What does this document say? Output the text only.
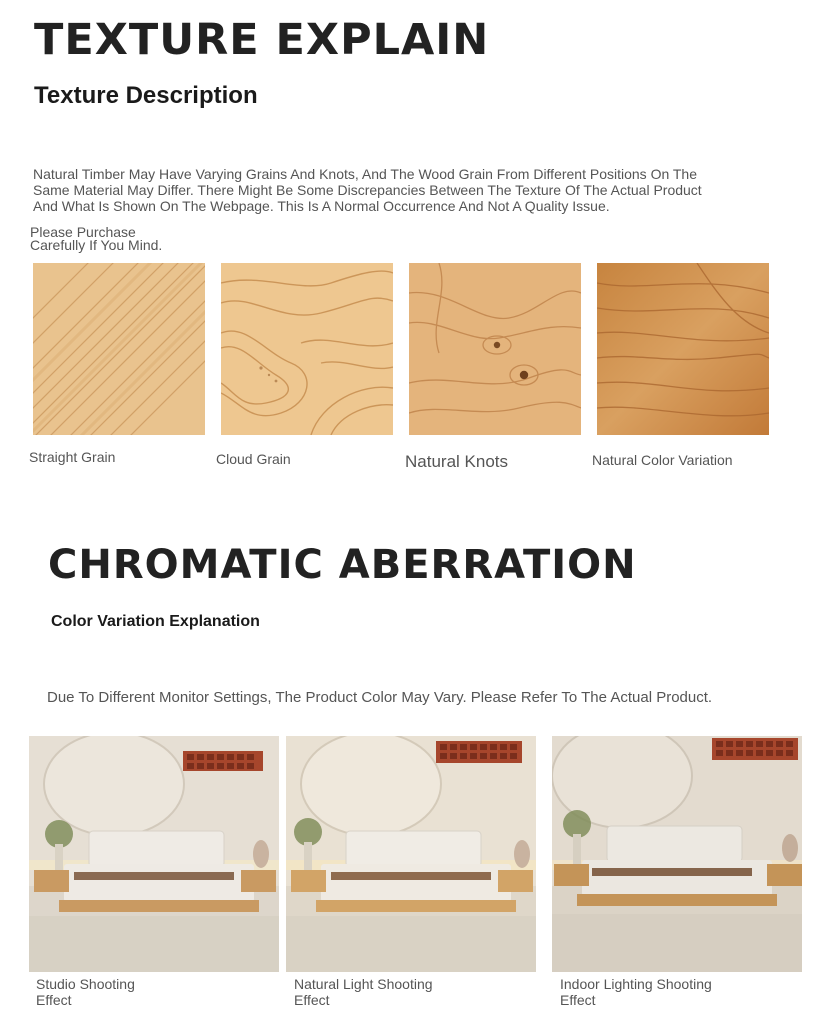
TEXTURE EXPLAIN
Texture Description

Natural Timber May Have Varying Grains And Knots, And The Wood Grain From Different Positions On The Same Material May Differ. There Might Be Some Discrepancies Between The Texture Of The Actual Product And What Is Shown On The Webpage. This Is A Normal Occurrence And Not A Quality Issue.

Please Purchase
Carefully If You Mind.
Straight Grain	Cloud Grain	Natural Knots	Natural Color Variation
CHROMATIC ABERRATION
Color Variation Explanation

Due To Different Monitor Settings, The Product Color May Vary. Please Refer To The Actual Product.

Studio Shooting
Effect
Natural Light Shooting
Effect
Indoor Lighting Shooting
Effect
